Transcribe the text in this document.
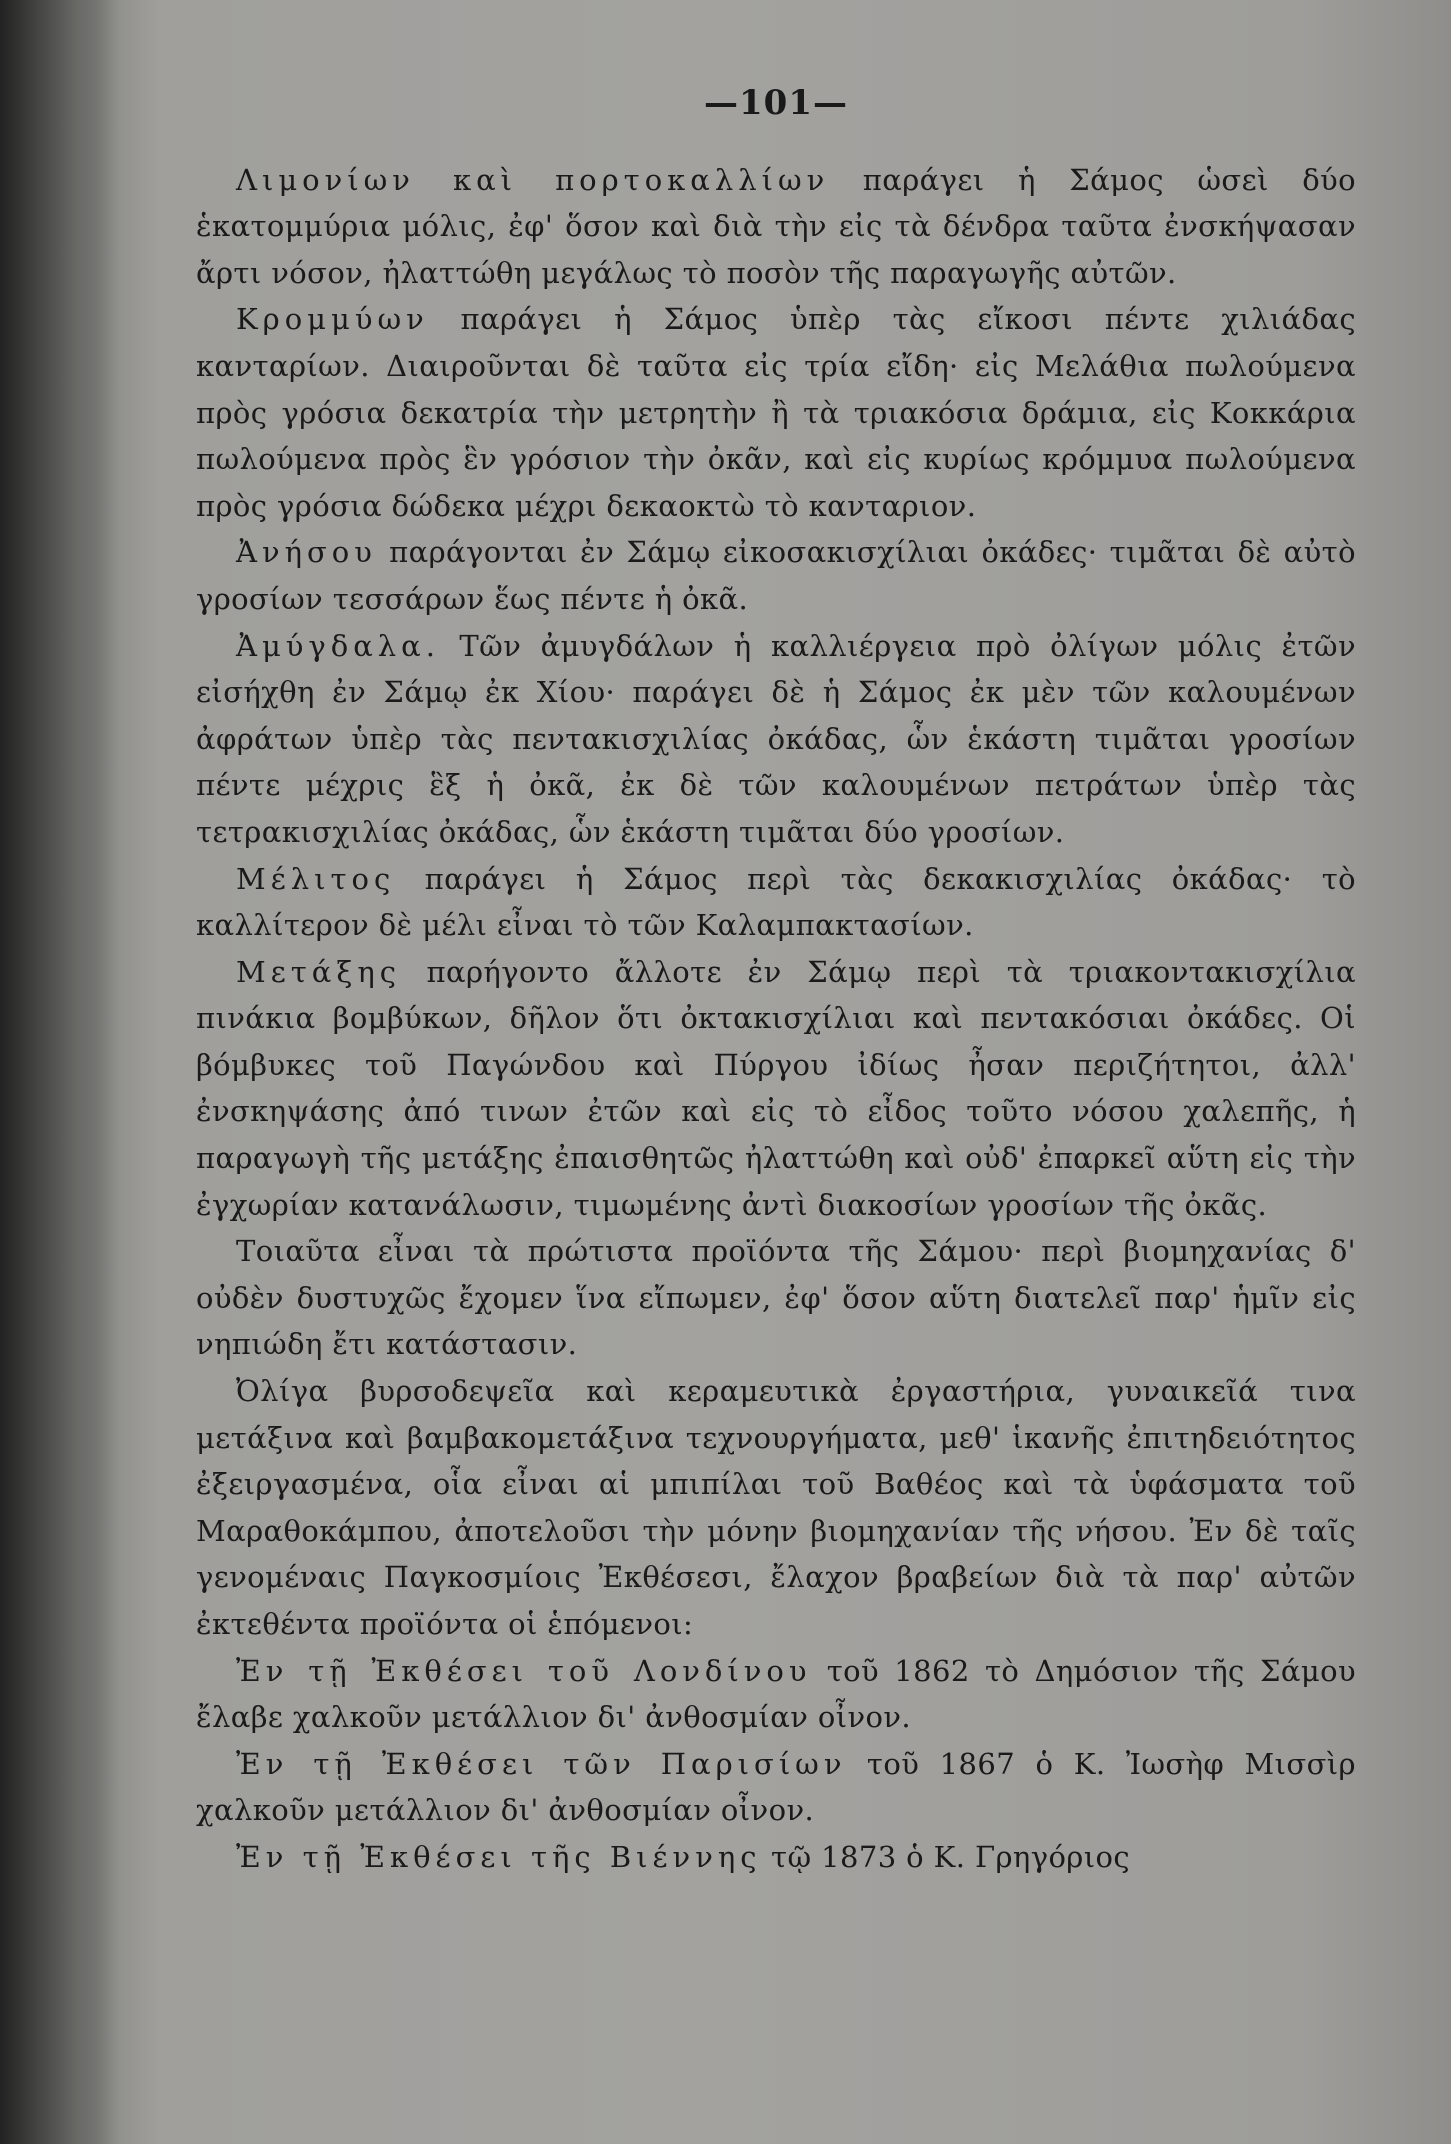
—101—

Λιμονίων καὶ πορτοκαλλίων παράγει ἡ Σάμος ὡσεὶ δύο ἑκατομμύρια μόλις, ἐφ' ὅσον καὶ διὰ τὴν εἰς τὰ δένδρα ταῦτα ἐνσκήψασαν ἄρτι νόσον, ἠλαττώθη μεγάλως τὸ ποσὸν τῆς παραγωγῆς αὐτῶν.

Κρομμύων παράγει ἡ Σάμος ὑπὲρ τὰς εἴκοσι πέντε χιλιάδας κανταρίων. Διαιροῦνται δὲ ταῦτα εἰς τρία εἴδη· εἰς Μελάθια πωλούμενα πρὸς γρόσια δεκατρία τὴν μετρητὴν ἢ τὰ τριακόσια δράμια, εἰς Κοκκάρια πωλούμενα πρὸς ἓν γρόσιον τὴν ὀκᾶν, καὶ εἰς κυρίως κρόμμυα πωλούμενα πρὸς γρόσια δώδεκα μέχρι δεκαοκτὼ τὸ κανταριον.

Ἀνήσου παράγονται ἐν Σάμῳ εἰκοσακισχίλιαι ὀκάδες· τιμᾶται δὲ αὐτὸ γροσίων τεσσάρων ἕως πέντε ἡ ὀκᾶ.

Ἀμύγδαλα. Τῶν ἀμυγδάλων ἡ καλλιέργεια πρὸ ὀλίγων μόλις ἐτῶν εἰσήχθη ἐν Σάμῳ ἐκ Χίου· παράγει δὲ ἡ Σάμος ἐκ μὲν τῶν καλουμένων ἀφράτων ὑπὲρ τὰς πεντακισχιλίας ὀκάδας, ὧν ἑκάστη τιμᾶται γροσίων πέντε μέχρις ἓξ ἡ ὀκᾶ, ἐκ δὲ τῶν καλουμένων πετράτων ὑπὲρ τὰς τετρακισχιλίας ὀκάδας, ὧν ἑκάστη τιμᾶται δύο γροσίων.

Μέλιτος παράγει ἡ Σάμος περὶ τὰς δεκακισχιλίας ὀκάδας· τὸ καλλίτερον δὲ μέλι εἶναι τὸ τῶν Καλαμπακτασίων.

Μετάξης παρήγοντο ἄλλοτε ἐν Σάμῳ περὶ τὰ τριακοντακισχίλια πινάκια βομβύκων, δῆλον ὅτι ὀκτακισχίλιαι καὶ πεντακόσιαι ὀκάδες. Οἱ βόμβυκες τοῦ Παγώνδου καὶ Πύργου ἰδίως ἦσαν περιζήτητοι, ἀλλ' ἐνσκηψάσης ἀπό τινων ἐτῶν καὶ εἰς τὸ εἶδος τοῦτο νόσου χαλεπῆς, ἡ παραγωγὴ τῆς μετάξης ἐπαισθητῶς ἠλαττώθη καὶ οὐδ' ἐπαρκεῖ αὕτη εἰς τὴν ἐγχωρίαν κατανάλωσιν, τιμωμένης ἀντὶ διακοσίων γροσίων τῆς ὀκᾶς.

Τοιαῦτα εἶναι τὰ πρώτιστα προϊόντα τῆς Σάμου· περὶ βιομηχανίας δ' οὐδὲν δυστυχῶς ἔχομεν ἵνα εἴπωμεν, ἐφ' ὅσον αὕτη διατελεῖ παρ' ἡμῖν εἰς νηπιώδη ἔτι κατάστασιν.

Ὀλίγα βυρσοδεψεῖα καὶ κεραμευτικὰ ἐργαστήρια, γυναικεῖά τινα μετάξινα καὶ βαμβακομετάξινα τεχνουργήματα, μεθ' ἱκανῆς ἐπιτηδειότητος ἐξειργασμένα, οἷα εἶναι αἱ μπιπίλαι τοῦ Βαθέος καὶ τὰ ὑφάσματα τοῦ Μαραθοκάμπου, ἀποτελοῦσι τὴν μόνην βιομηχανίαν τῆς νήσου. Ἐν δὲ ταῖς γενομέναις Παγκοσμίοις Ἐκθέσεσι, ἔλαχον βραβείων διὰ τὰ παρ' αὐτῶν ἐκτεθέντα προϊόντα οἱ ἑπόμενοι:

Ἐν τῇ Ἐκθέσει τοῦ Λονδίνου τοῦ 1862 τὸ Δημόσιον τῆς Σάμου ἔλαβε χαλκοῦν μετάλλιον δι' ἀνθοσμίαν οἶνον.

Ἐν τῇ Ἐκθέσει τῶν Παρισίων τοῦ 1867 ὁ Κ. Ἰωσὴφ Μισσὶρ χαλκοῦν μετάλλιον δι' ἀνθοσμίαν οἶνον.

Ἐν τῇ Ἐκθέσει τῆς Βιέννης τῷ 1873 ὁ Κ. Γρηγόριος
